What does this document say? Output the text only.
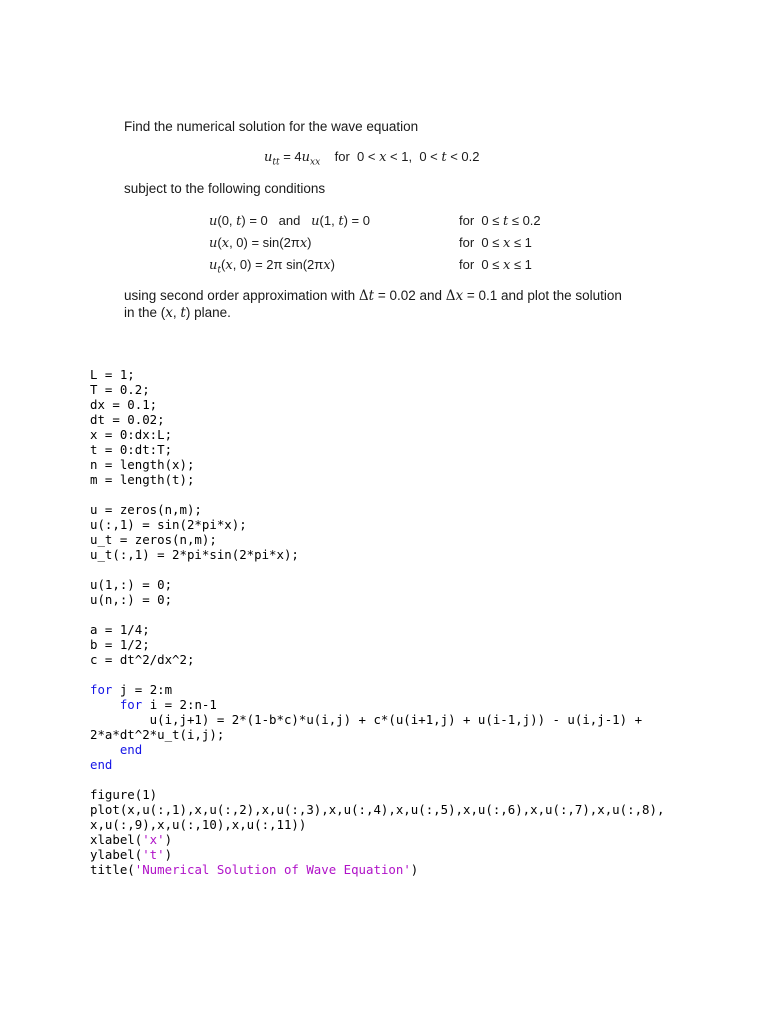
Find the numerical solution for the wave equation
$u_{tt} = 4u_{xx}$    for  0 < x < 1,  0 < t < 0.2
subject to the following conditions
u(0, t) = 0   and   u(1, t) = 0	for  0 ≤ t ≤ 0.2
u(x, 0) = sin(2πx)	for  0 ≤ x ≤ 1
$u_t(x$, 0) = 2π sin(2πx)	for  0 ≤ x ≤ 1
using second order approximation with Δt = 0.02 and Δx = 0.1 and plot the solution
in the (x, t) plane.
L = 1;
T = 0.2;
dx = 0.1;
dt = 0.02;
x = 0:dx:L;
t = 0:dt:T;
n = length(x);
m = length(t);
u = zeros(n,m);
u(:,1) = sin(2*pi*x);
u_t = zeros(n,m);
u_t(:,1) = 2*pi*sin(2*pi*x);
u(1,:) = 0;
u(n,:) = 0;
a = 1/4;
b = 1/2;
c = dt^2/dx^2;
for j = 2:m
for i = 2:n-1
u(i,j+1) = 2*(1-b*c)*u(i,j) + c*(u(i+1,j) + u(i-1,j)) - u(i,j-1) +
2*a*dt^2*u_t(i,j);
end
end
figure(1)
plot(x,u(:,1),x,u(:,2),x,u(:,3),x,u(:,4),x,u(:,5),x,u(:,6),x,u(:,7),x,u(:,8),
x,u(:,9),x,u(:,10),x,u(:,11))
xlabel('x')
ylabel('t')
title('Numerical Solution of Wave Equation')
